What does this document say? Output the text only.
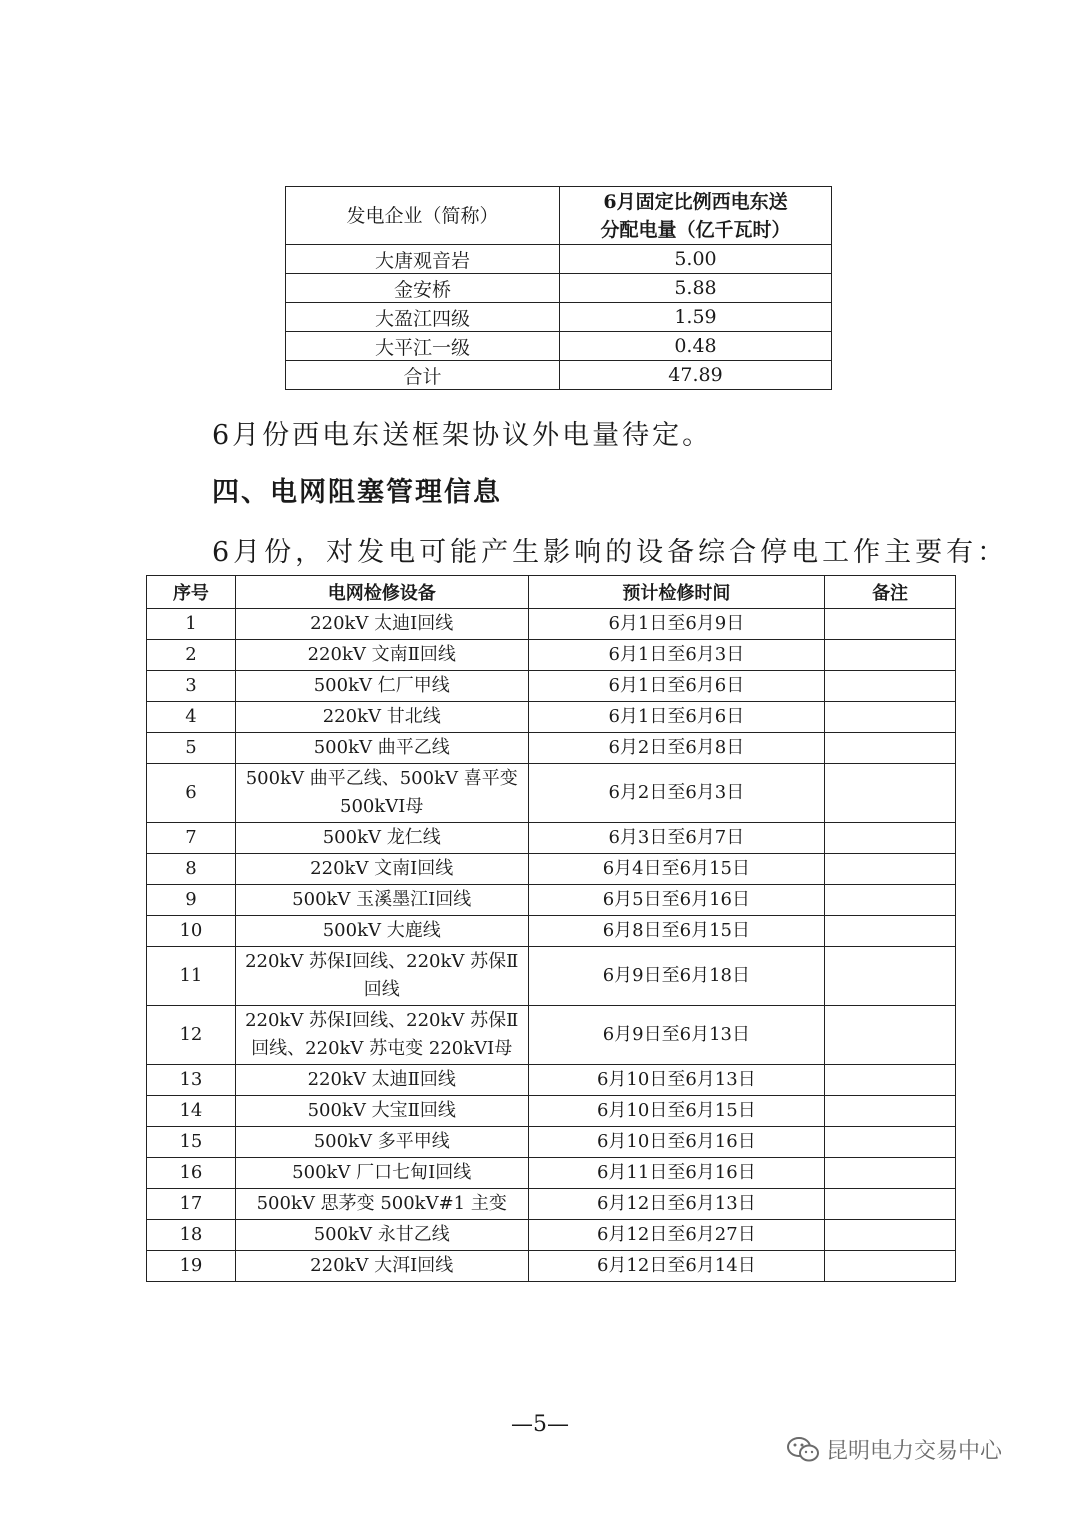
发电企业（简称）	6月固定比例西电东送
分配电量（亿千瓦时）
大唐观音岩	5.00
金安桥	5.88
大盈江四级	1.59
大平江一级	0.48
合计	47.89
6月份西电东送框架协议外电量待定。
四、电网阻塞管理信息
6月份，对发电可能产生影响的设备综合停电工作主要有：
序号	电网检修设备	预计检修时间	备注
1	220kV 太迪Ⅰ回线	6月1日至6月9日	
2	220kV 文南Ⅱ回线	6月1日至6月3日	
3	500kV 仁厂甲线	6月1日至6月6日	
4	220kV 甘北线	6月1日至6月6日	
5	500kV 曲平乙线	6月2日至6月8日	
6	500kV 曲平乙线、500kV 喜平变
500kVⅠ母	6月2日至6月3日	
7	500kV 龙仁线	6月3日至6月7日	
8	220kV 文南Ⅰ回线	6月4日至6月15日	
9	500kV 玉溪墨江Ⅰ回线	6月5日至6月16日	
10	500kV 大鹿线	6月8日至6月15日	
11	220kV 苏保Ⅰ回线、220kV 苏保Ⅱ
回线	6月9日至6月18日	
12	220kV 苏保Ⅰ回线、220kV 苏保Ⅱ
回线、220kV 苏屯变 220kVⅠ母	6月9日至6月13日	
13	220kV 太迪Ⅱ回线	6月10日至6月13日	
14	500kV 大宝Ⅱ回线	6月10日至6月15日	
15	500kV 多平甲线	6月10日至6月16日	
16	500kV 厂口七甸Ⅰ回线	6月11日至6月16日	
17	500kV 思茅变 500kV#1 主变	6月12日至6月13日	
18	500kV 永甘乙线	6月12日至6月27日	
19	220kV 大洱Ⅰ回线	6月12日至6月14日	
—5—
昆明电力交易中心
